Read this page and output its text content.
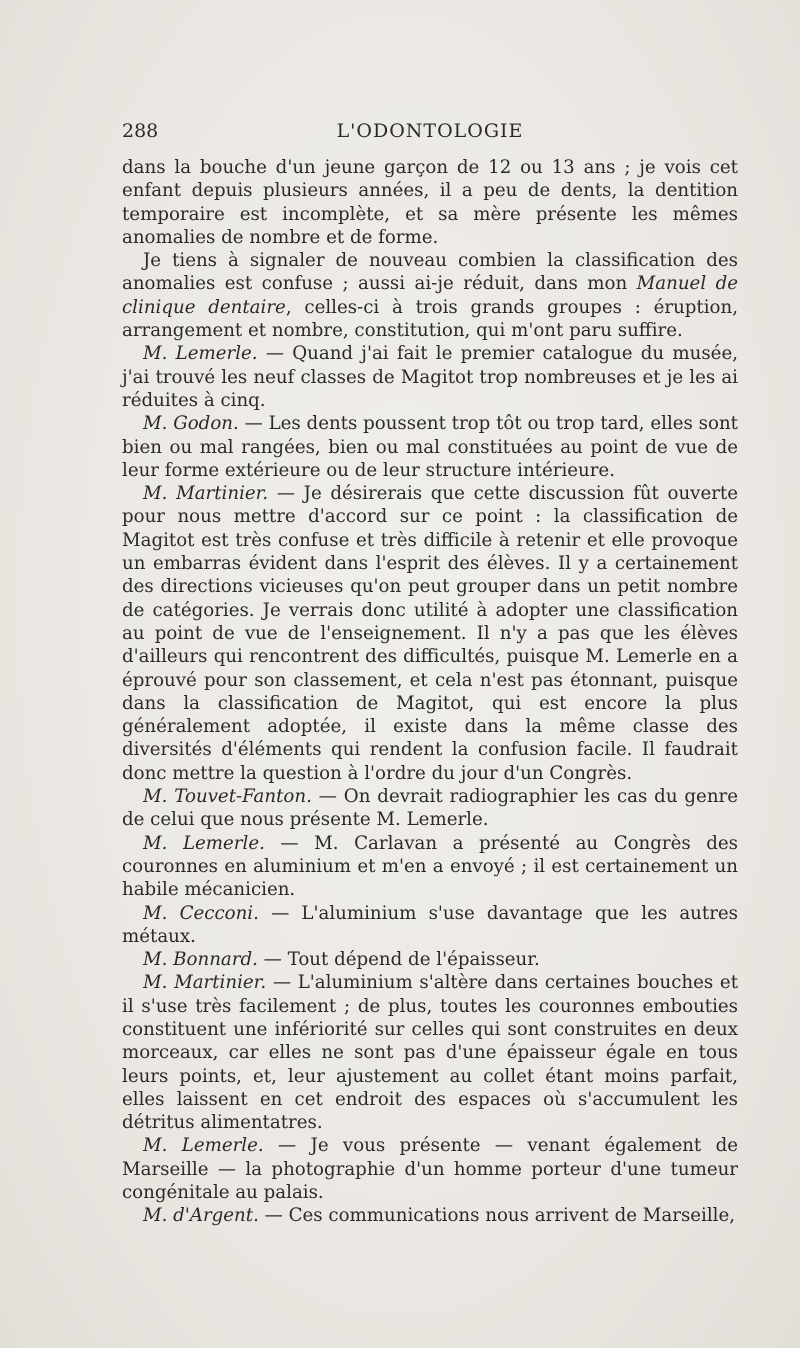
288	L'ODONTOLOGIE

dans la bouche d'un jeune garçon de 12 ou 13 ans ; je vois cet enfant depuis plusieurs années, il a peu de dents, la dentition temporaire est incomplète, et sa mère présente les mêmes anomalies de nombre et de forme.

Je tiens à signaler de nouveau combien la classification des anomalies est confuse ; aussi ai-je réduit, dans mon Manuel de clinique dentaire, celles-ci à trois grands groupes : éruption, arrangement et nombre, constitution, qui m'ont paru suffire.

M. Lemerle. — Quand j'ai fait le premier catalogue du musée, j'ai trouvé les neuf classes de Magitot trop nombreuses et je les ai réduites à cinq.

M. Godon. — Les dents poussent trop tôt ou trop tard, elles sont bien ou mal rangées, bien ou mal constituées au point de vue de leur forme extérieure ou de leur structure intérieure.

M. Martinier. — Je désirerais que cette discussion fût ouverte pour nous mettre d'accord sur ce point : la classification de Magitot est très confuse et très difficile à retenir et elle provoque un embarras évident dans l'esprit des élèves. Il y a certainement des directions vicieuses qu'on peut grouper dans un petit nombre de catégories. Je verrais donc utilité à adopter une classification au point de vue de l'enseignement. Il n'y a pas que les élèves d'ailleurs qui rencontrent des difficultés, puisque M. Lemerle en a éprouvé pour son classement, et cela n'est pas étonnant, puisque dans la classification de Magitot, qui est encore la plus généralement adoptée, il existe dans la même classe des diversités d'éléments qui rendent la confusion facile. Il faudrait donc mettre la question à l'ordre du jour d'un Congrès.

M. Touvet-Fanton. — On devrait radiographier les cas du genre de celui que nous présente M. Lemerle.

M. Lemerle. — M. Carlavan a présenté au Congrès des couronnes en aluminium et m'en a envoyé ; il est certainement un habile mécanicien.

M. Cecconi. — L'aluminium s'use davantage que les autres métaux.

M. Bonnard. — Tout dépend de l'épaisseur.

M. Martinier. — L'aluminium s'altère dans certaines bouches et il s'use très facilement ; de plus, toutes les couronnes embouties constituent une infériorité sur celles qui sont construites en deux morceaux, car elles ne sont pas d'une épaisseur égale en tous leurs points, et, leur ajustement au collet étant moins parfait, elles laissent en cet endroit des espaces où s'accumulent les détritus alimentatres.

M. Lemerle. — Je vous présente — venant également de Marseille — la photographie d'un homme porteur d'une tumeur congénitale au palais.

M. d'Argent. — Ces communications nous arrivent de Marseille,
